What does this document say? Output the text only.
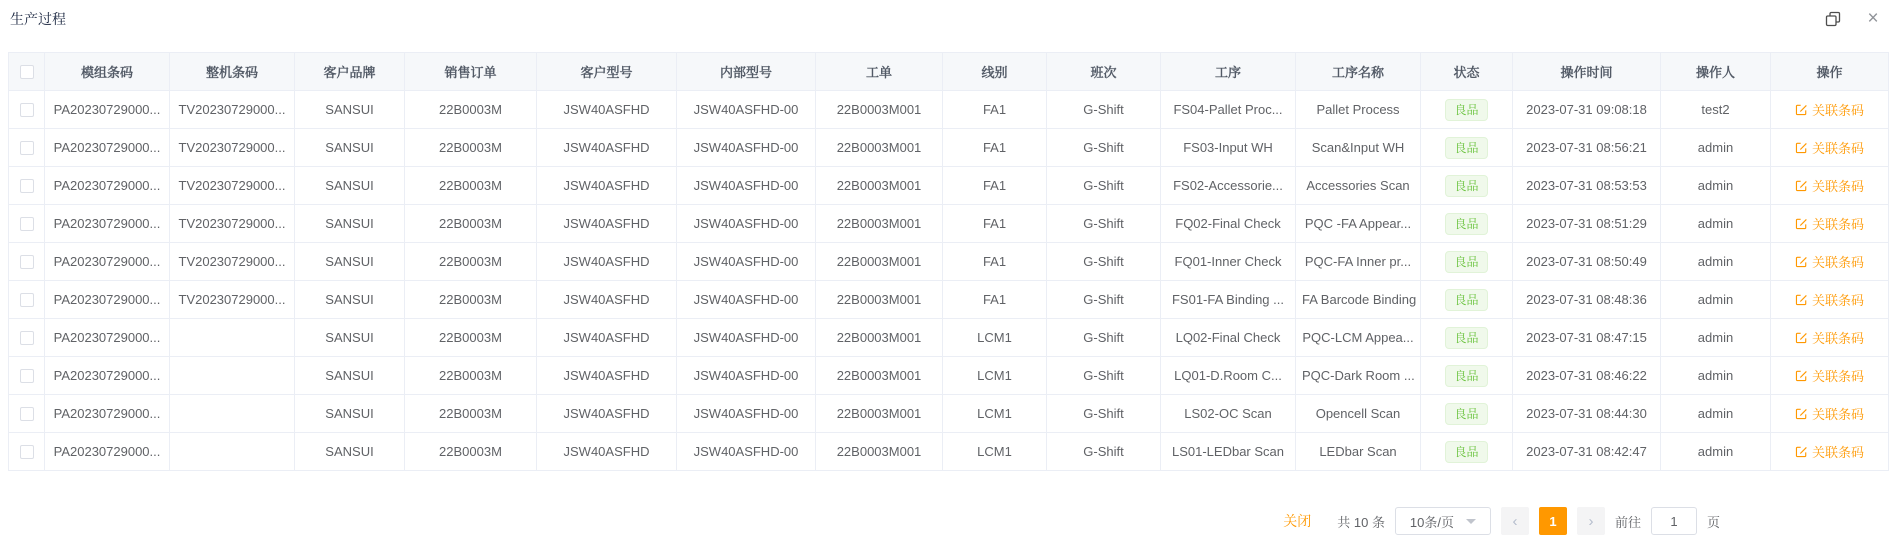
生产过程	×
	模组条码	整机条码	客户品牌	销售订单	客户型号	内部型号	工单	线别	班次	工序	工序名称	状态	操作时间	操作人	操作
	PA20230729000...	TV20230729000...	SANSUI	22B0003M	JSW40ASFHD	JSW40ASFHD-00	22B0003M001	FA1	G-Shift	FS04-Pallet Proc...	Pallet Process	良品	2023-07-31 09:08:18	test2	关联条码

	PA20230729000...	TV20230729000...	SANSUI	22B0003M	JSW40ASFHD	JSW40ASFHD-00	22B0003M001	FA1	G-Shift	FS03-Input WH	Scan&Input WH	良品	2023-07-31 08:56:21	admin	关联条码

	PA20230729000...	TV20230729000...	SANSUI	22B0003M	JSW40ASFHD	JSW40ASFHD-00	22B0003M001	FA1	G-Shift	FS02-Accessorie...	Accessories Scan	良品	2023-07-31 08:53:53	admin	关联条码

	PA20230729000...	TV20230729000...	SANSUI	22B0003M	JSW40ASFHD	JSW40ASFHD-00	22B0003M001	FA1	G-Shift	FQ02-Final Check	PQC -FA Appear...	良品	2023-07-31 08:51:29	admin	关联条码

	PA20230729000...	TV20230729000...	SANSUI	22B0003M	JSW40ASFHD	JSW40ASFHD-00	22B0003M001	FA1	G-Shift	FQ01-Inner Check	PQC-FA Inner pr...	良品	2023-07-31 08:50:49	admin	关联条码

	PA20230729000...	TV20230729000...	SANSUI	22B0003M	JSW40ASFHD	JSW40ASFHD-00	22B0003M001	FA1	G-Shift	FS01-FA Binding ...	FA Barcode Binding	良品	2023-07-31 08:48:36	admin	关联条码

	PA20230729000...		SANSUI	22B0003M	JSW40ASFHD	JSW40ASFHD-00	22B0003M001	LCM1	G-Shift	LQ02-Final Check	PQC-LCM Appea...	良品	2023-07-31 08:47:15	admin	关联条码

	PA20230729000...		SANSUI	22B0003M	JSW40ASFHD	JSW40ASFHD-00	22B0003M001	LCM1	G-Shift	LQ01-D.Room C...	PQC-Dark Room ...	良品	2023-07-31 08:46:22	admin	关联条码

	PA20230729000...		SANSUI	22B0003M	JSW40ASFHD	JSW40ASFHD-00	22B0003M001	LCM1	G-Shift	LS02-OC Scan	Opencell Scan	良品	2023-07-31 08:44:30	admin	关联条码

	PA20230729000...		SANSUI	22B0003M	JSW40ASFHD	JSW40ASFHD-00	22B0003M001	LCM1	G-Shift	LS01-LEDbar Scan	LEDbar Scan	良品	2023-07-31 08:42:47	admin	关联条码
关闭 共 10 条 10条/页	‹	1	›	前往
1	页
